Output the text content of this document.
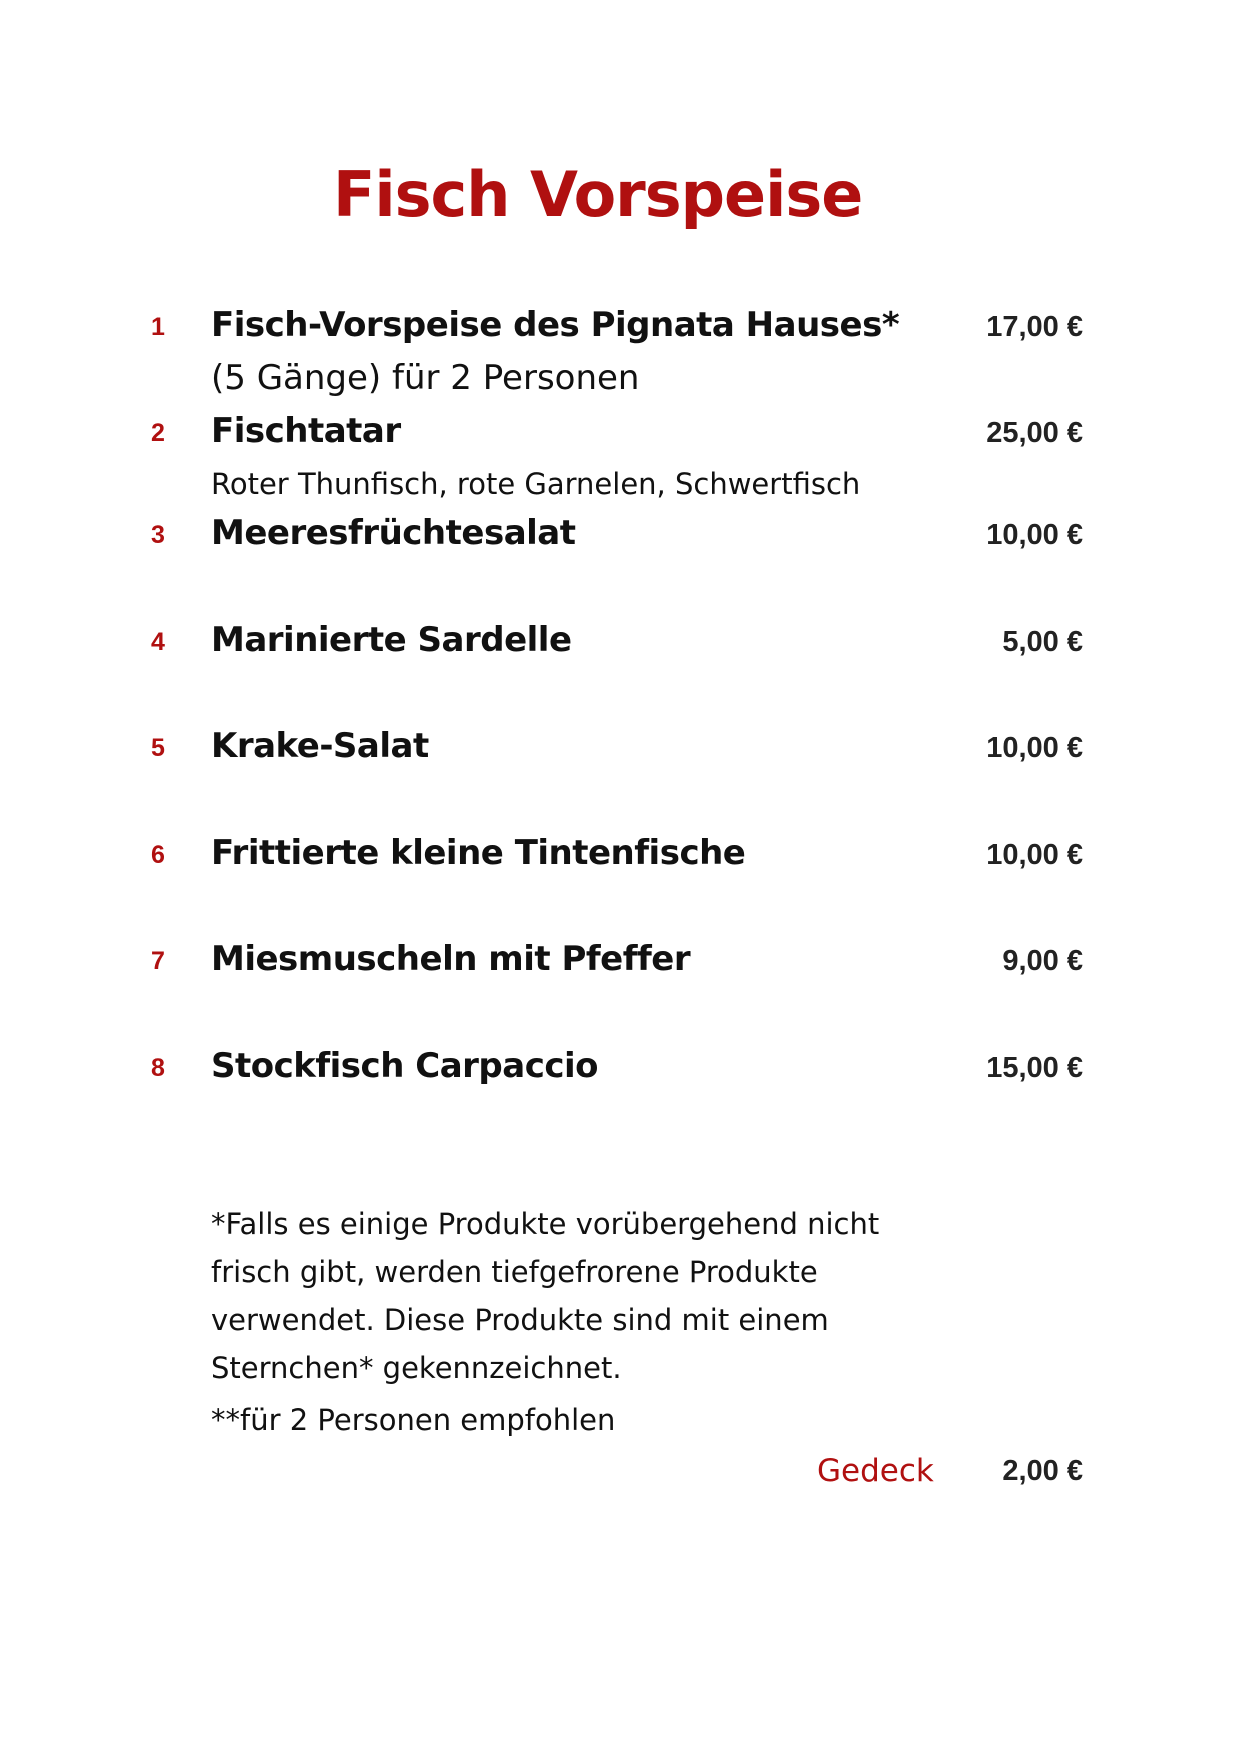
Fisch Vorspeise
1 Fisch-Vorspeise des Pignata Hauses*	17,00 €
(5 Gänge) für 2 Personen
2 Fischtatar	25,00 €
Roter Thunfisch, rote Garnelen, Schwertfisch
3 Meeresfrüchtesalat	10,00 €
4 Marinierte Sardelle	5,00 €
5 Krake-Salat	10,00 €
6 Frittierte kleine Tintenfische	10,00 €
7 Miesmuscheln mit Pfeffer	9,00 €
8 Stockfisch Carpaccio	15,00 €

*Falls es einige Produkte vorübergehend nicht

frisch gibt, werden tiefgefrorene Produkte

verwendet. Diese Produkte sind mit einem

Sternchen* gekennzeichnet.

**für 2 Personen empfohlen
Gedeck 2,00 €
